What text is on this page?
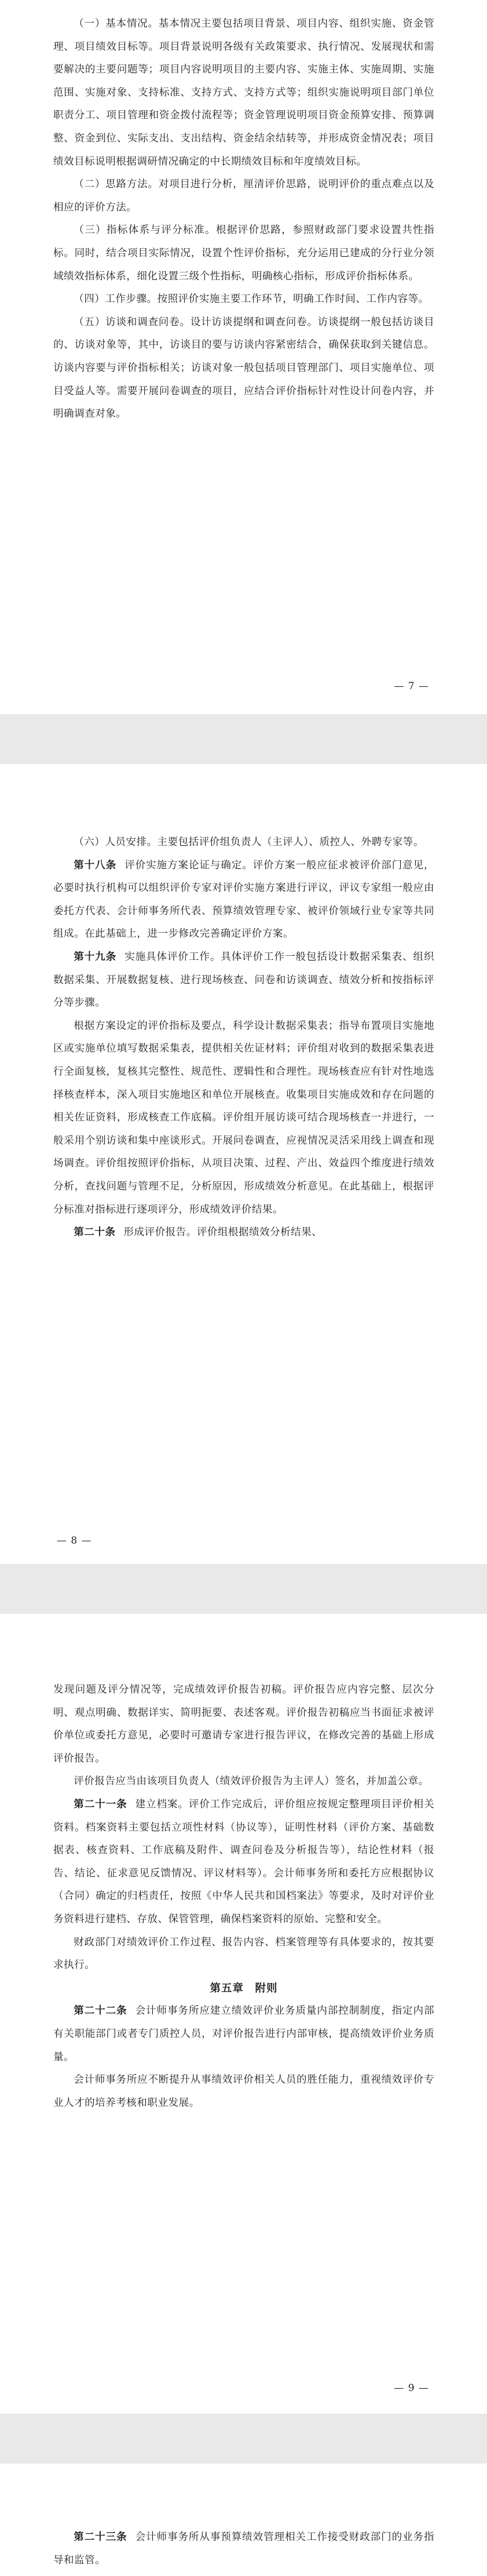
（一）基本情况。基本情况主要包括项目背景、项目内容、组织实施、资金管理、项目绩效目标等。项目背景说明各级有关政策要求、执行情况、发展现状和需要解决的主要问题等；项目内容说明项目的主要内容、实施主体、实施周期、实施范围、实施对象、支持标准、支持方式、支持方式等；组织实施说明项目部门单位职责分工、项目管理和资金拨付流程等；资金管理说明项目资金预算安排、预算调整、资金到位、实际支出、支出结构、资金结余结转等，并形成资金情况表；项目绩效目标说明根据调研情况确定的中长期绩效目标和年度绩效目标。

（二）思路方法。对项目进行分析，厘清评价思路，说明评价的重点难点以及相应的评价方法。

（三）指标体系与评分标准。根据评价思路，参照财政部门要求设置共性指标。同时，结合项目实际情况，设置个性评价指标，充分运用已建成的分行业分领域绩效指标体系，细化设置三级个性指标，明确核心指标，形成评价指标体系。

（四）工作步骤。按照评价实施主要工作环节，明确工作时间、工作内容等。

（五）访谈和调查问卷。设计访谈提纲和调查问卷。访谈提纲一般包括访谈目的、访谈对象等，其中，访谈目的要与访谈内容紧密结合，确保获取到关键信息。访谈内容要与评价指标相关；访谈对象一般包括项目管理部门、项目实施单位、项目受益人等。需要开展问卷调查的项目，应结合评价指标针对性设计问卷内容，并明确调查对象。

— 7 —

（六）人员安排。主要包括评价组负责人（主评人）、质控人、外聘专家等。

第十八条 评价实施方案论证与确定。评价方案一般应征求被评价部门意见，必要时执行机构可以组织评价专家对评价实施方案进行评议，评议专家组一般应由委托方代表、会计师事务所代表、预算绩效管理专家、被评价领域行业专家等共同组成。在此基础上，进一步修改完善确定评价方案。

第十九条 实施具体评价工作。具体评价工作一般包括设计数据采集表、组织数据采集、开展数据复核、进行现场核查、问卷和访谈调查、绩效分析和按指标评分等步骤。

根据方案设定的评价指标及要点，科学设计数据采集表；指导布置项目实施地区或实施单位填写数据采集表，提供相关佐证材料；评价组对收到的数据采集表进行全面复核，复核其完整性、规范性、逻辑性和合理性。现场核查应有针对性地选择核查样本，深入项目实施地区和单位开展核查。收集项目实施成效和存在问题的相关佐证资料，形成核查工作底稿。评价组开展访谈可结合现场核查一并进行，一般采用个别访谈和集中座谈形式。开展问卷调查，应视情况灵活采用线上调查和现场调查。评价组按照评价指标，从项目决策、过程、产出、效益四个维度进行绩效分析，查找问题与管理不足，分析原因，形成绩效分析意见。在此基础上，根据评分标准对指标进行逐项评分，形成绩效评价结果。

第二十条 形成评价报告。评价组根据绩效分析结果、

— 8 —

发现问题及评分情况等，完成绩效评价报告初稿。评价报告应内容完整、层次分明、观点明确、数据详实、简明扼要、表述客观。评价报告初稿应当书面征求被评价单位或委托方意见，必要时可邀请专家进行报告评议，在修改完善的基础上形成评价报告。

评价报告应当由该项目负责人（绩效评价报告为主评人）签名，并加盖公章。

第二十一条 建立档案。评价工作完成后，评价组应按规定整理项目评价相关资料。档案资料主要包括立项性材料（协议等），证明性材料（评价方案、基础数据表、核查资料、工作底稿及附件、调查问卷及分析报告等），结论性材料（报告、结论、征求意见反馈情况、评议材料等）。会计师事务所和委托方应根据协议（合同）确定的归档责任，按照《中华人民共和国档案法》等要求，及时对评价业务资料进行建档、存放、保管管理，确保档案资料的原始、完整和安全。

财政部门对绩效评价工作过程、报告内容、档案管理等有具体要求的，按其要求执行。

第五章　附则

第二十二条 会计师事务所应建立绩效评价业务质量内部控制制度，指定内部有关职能部门或者专门质控人员，对评价报告进行内部审核，提高绩效评价业务质量。

会计师事务所应不断提升从事绩效评价相关人员的胜任能力，重视绩效评价专业人才的培养考核和职业发展。

— 9 —

第二十三条 会计师事务所从事预算绩效管理相关工作接受财政部门的业务指导和监管。
